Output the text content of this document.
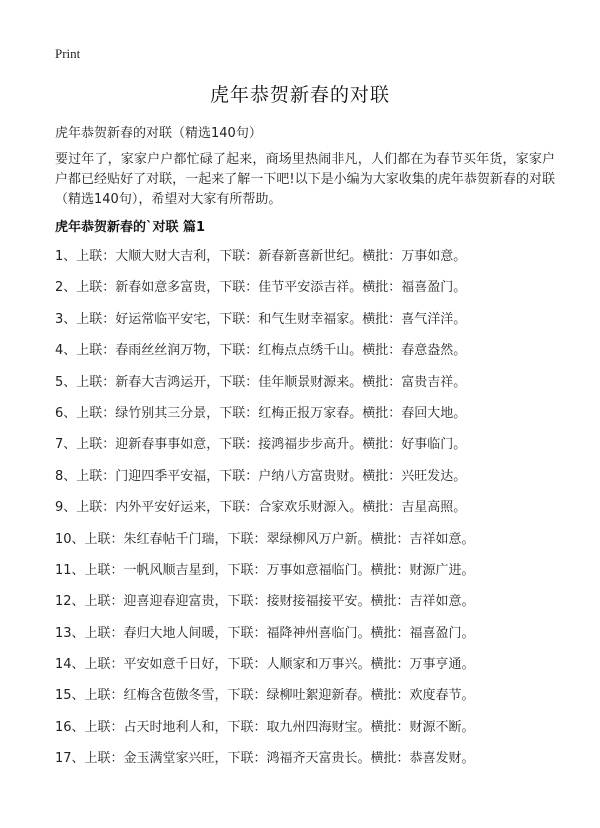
Print
虎年恭贺新春的对联
虎年恭贺新春的对联（精选140句）
要过年了，家家户户都忙碌了起来，商场里热闹非凡，人们都在为春节买年货，家家户户都已经贴好了对联，一起来了解一下吧!以下是小编为大家收集的虎年恭贺新春的对联（精选140句），希望对大家有所帮助。
虎年恭贺新春的`对联 篇1
1、上联：大顺大财大吉利，下联：新春新喜新世纪。横批：万事如意。
2、上联：新春如意多富贵，下联：佳节平安添吉祥。横批：福喜盈门。
3、上联：好运常临平安宅，下联：和气生财幸福家。横批：喜气洋洋。
4、上联：春雨丝丝润万物，下联：红梅点点绣千山。横批：春意盎然。
5、上联：新春大吉鸿运开，下联：佳年顺景财源来。横批：富贵吉祥。
6、上联：绿竹别其三分景，下联：红梅正报万家春。横批：春回大地。
7、上联：迎新春事事如意，下联：接鸿福步步高升。横批：好事临门。
8、上联：门迎四季平安福，下联：户纳八方富贵财。横批：兴旺发达。
9、上联：内外平安好运来，下联：合家欢乐财源入。横批：吉星高照。
10、上联：朱红春帖千门瑞，下联：翠绿柳风万户新。横批：吉祥如意。
11、上联：一帆风顺吉星到，下联：万事如意福临门。横批：财源广进。
12、上联：迎喜迎春迎富贵，下联：接财接福接平安。横批：吉祥如意。
13、上联：春归大地人间暖，下联：福降神州喜临门。横批：福喜盈门。
14、上联：平安如意千日好，下联：人顺家和万事兴。横批：万事亨通。
15、上联：红梅含苞傲冬雪，下联：绿柳吐絮迎新春。横批：欢度春节。
16、上联：占天时地利人和，下联：取九州四海财宝。横批：财源不断。
17、上联：金玉满堂家兴旺，下联：鸿福齐天富贵长。横批：恭喜发财。
